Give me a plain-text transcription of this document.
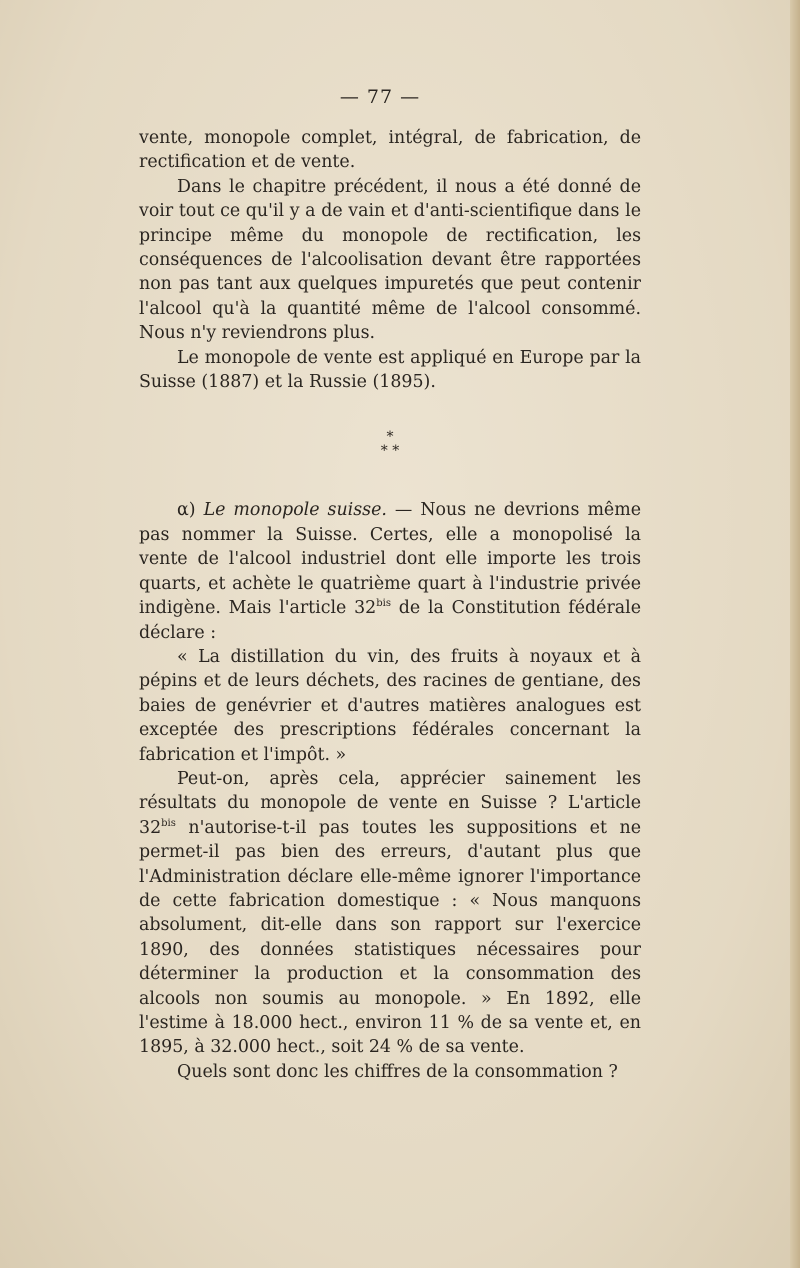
— 77 —

vente, monopole complet, intégral, de fabrication, de rectification et de vente.

Dans le chapitre précédent, il nous a été donné de voir tout ce qu'il y a de vain et d'anti-scientifique dans le principe même du monopole de rectification, les conséquences de l'alcoolisation devant être rapportées non pas tant aux quelques impuretés que peut contenir l'alcool qu'à la quantité même de l'alcool consommé. Nous n'y reviendrons plus.

Le monopole de vente est appliqué en Europe par la Suisse (1887) et la Russie (1895).

*
* *

α) Le monopole suisse. — Nous ne devrions même pas nommer la Suisse. Certes, elle a monopolisé la vente de l'alcool industriel dont elle importe les trois quarts, et achète le quatrième quart à l'industrie privée indigène. Mais l'article $32^{bis}$ de la Constitution fédérale déclare :

« La distillation du vin, des fruits à noyaux et à pépins et de leurs déchets, des racines de gentiane, des baies de genévrier et d'autres matières analogues est exceptée des prescriptions fédérales concernant la fabrication et l'impôt. »

Peut-on, après cela, apprécier sainement les résultats du monopole de vente en Suisse ? L'article $32^{bis}$ n'autorise-t-il pas toutes les suppositions et ne permet-il pas bien des erreurs, d'autant plus que l'Administration déclare elle-même ignorer l'importance de cette fabrication domestique : « Nous manquons absolument, dit-elle dans son rapport sur l'exercice 1890, des données statistiques nécessaires pour déterminer la production et la consommation des alcools non soumis au monopole. » En 1892, elle l'estime à 18.000 hect., environ 11 % de sa vente et, en 1895, à 32.000 hect., soit 24 % de sa vente.

Quels sont donc les chiffres de la consommation ?
